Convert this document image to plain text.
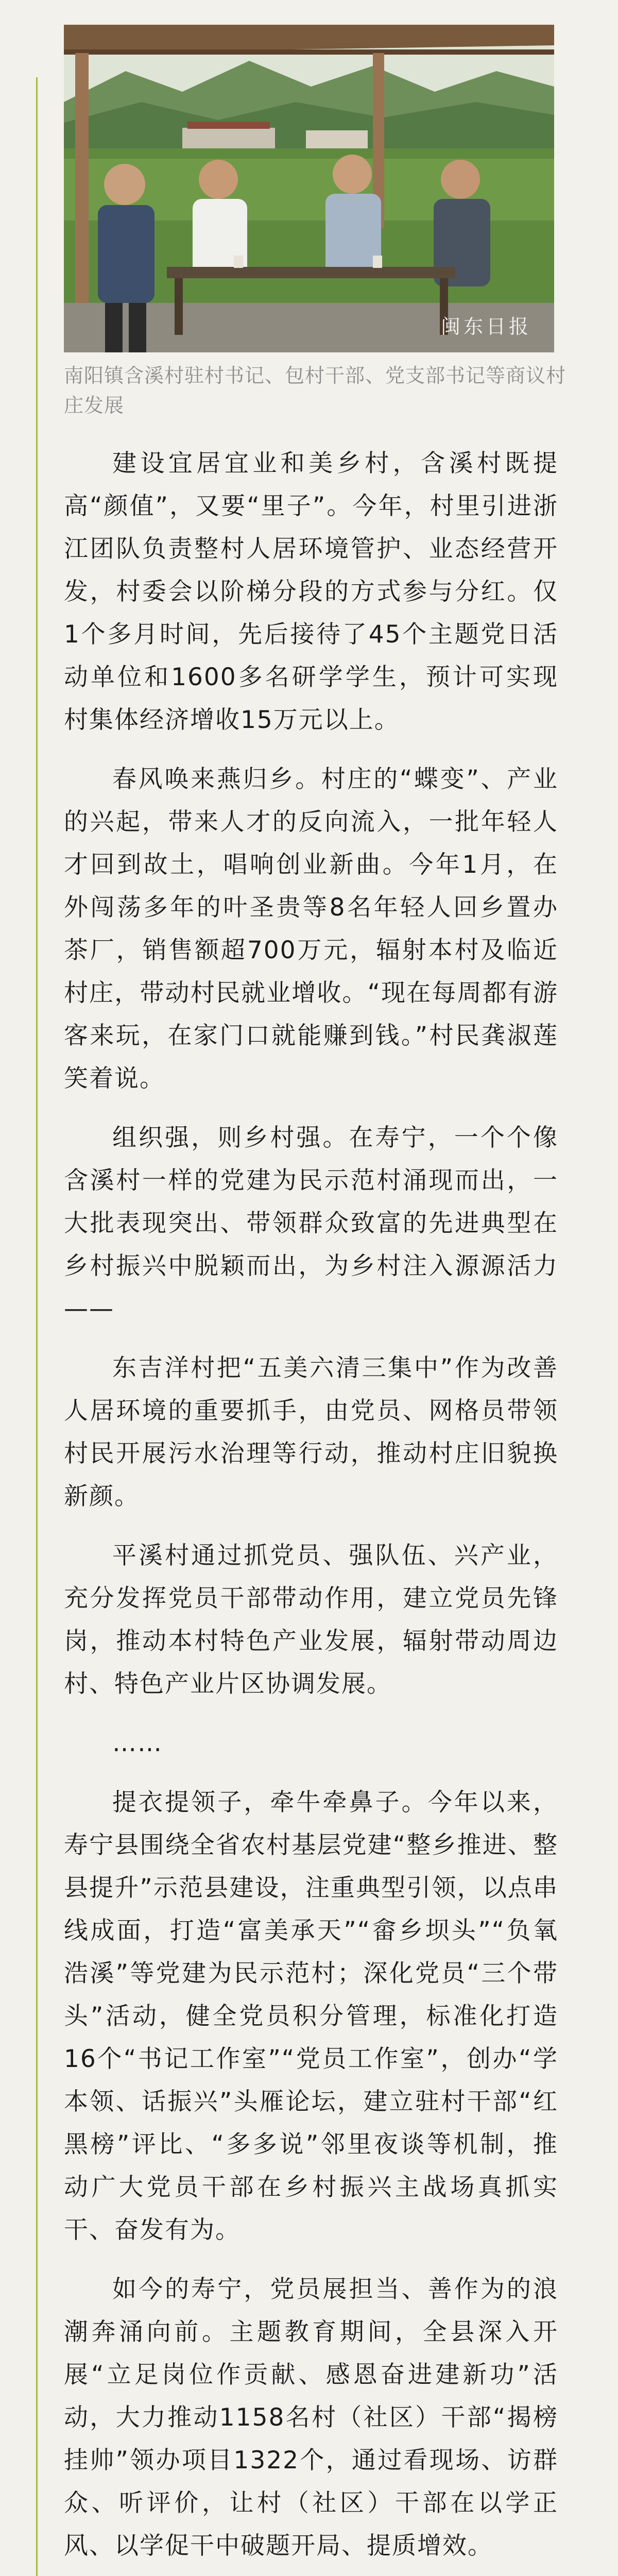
闽东日报
南阳镇含溪村驻村书记、包村干部、党支部书记等商议村庄发展

建设宜居宜业和美乡村，含溪村既提高“颜值”，又要“里子”。今年，村里引进浙江团队负责整村人居环境管护、业态经营开发，村委会以阶梯分段的方式参与分红。仅1个多月时间，先后接待了45个主题党日活动单位和1600多名研学学生，预计可实现村集体经济增收15万元以上。

春风唤来燕归乡。村庄的“蝶变”、产业的兴起，带来人才的反向流入，一批年轻人才回到故土，唱响创业新曲。今年1月，在外闯荡多年的叶圣贵等8名年轻人回乡置办茶厂，销售额超700万元，辐射本村及临近村庄，带动村民就业增收。“现在每周都有游客来玩，在家门口就能赚到钱。”村民龚淑莲笑着说。

组织强，则乡村强。在寿宁，一个个像含溪村一样的党建为民示范村涌现而出，一大批表现突出、带领群众致富的先进典型在乡村振兴中脱颖而出，为乡村注入源源活力——

东吉洋村把“五美六清三集中”作为改善人居环境的重要抓手，由党员、网格员带领村民开展污水治理等行动，推动村庄旧貌换新颜。

平溪村通过抓党员、强队伍、兴产业，充分发挥党员干部带动作用，建立党员先锋岗，推动本村特色产业发展，辐射带动周边村、特色产业片区协调发展。

……

提衣提领子，牵牛牵鼻子。今年以来，寿宁县围绕全省农村基层党建“整乡推进、整县提升”示范县建设，注重典型引领，以点串线成面，打造“富美承天”“畲乡坝头”“负氧浩溪”等党建为民示范村；深化党员“三个带头”活动，健全党员积分管理，标准化打造16个“书记工作室”“党员工作室”，创办“学本领、话振兴”头雁论坛，建立驻村干部“红黑榜”评比、“多多说”邻里夜谈等机制，推动广大党员干部在乡村振兴主战场真抓实干、奋发有为。

如今的寿宁，党员展担当、善作为的浪潮奔涌向前。主题教育期间，全县深入开展“立足岗位作贡献、感恩奋进建新功”活动，大力推动1158名村（社区）干部“揭榜挂帅”领办项目1322个，通过看现场、访群众、听评价，让村（社区）干部在以学正风、以学促干中破题开局、提质增效。
